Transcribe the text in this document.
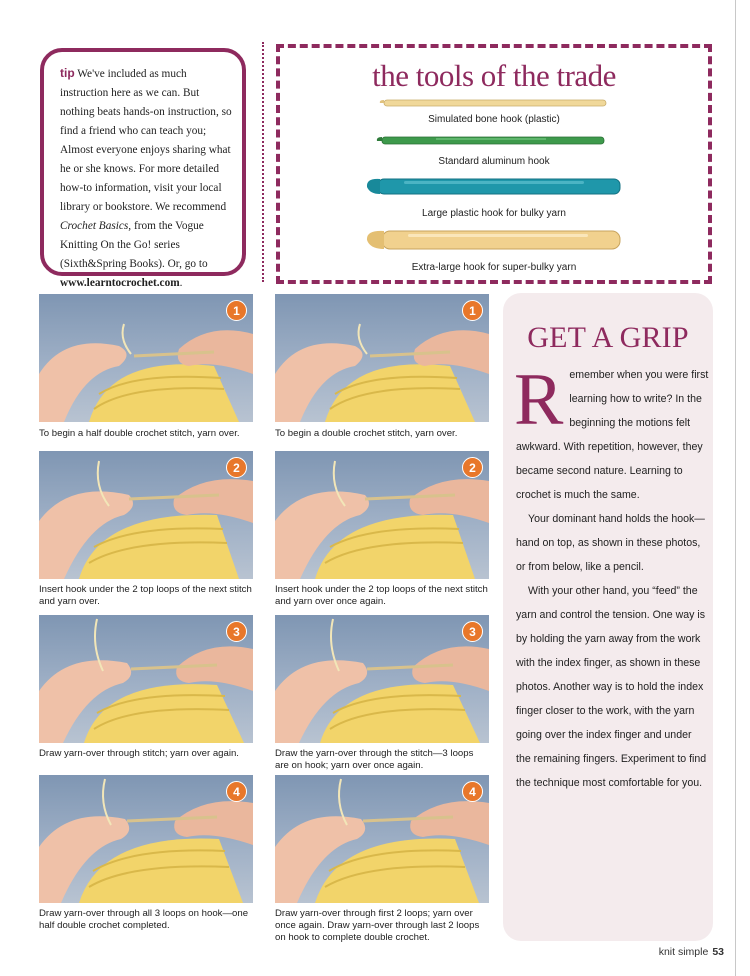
tip We've included as much instruction here as we can. But nothing beats hands-on instruction, so find a friend who can teach you; Almost everyone enjoys sharing what he or she knows. For more detailed how-to information, visit your local library or bookstore. We recommend Crochet Basics, from the Vogue Knitting On the Go! series (Sixth&Spring Books). Or, go to www.learntocrochet.com.
the tools of the trade
Simulated bone hook (plastic)
Standard aluminum hook
Large plastic hook for bulky yarn
Extra-large hook for super-bulky yarn
1
To begin a half double crochet stitch, yarn over.
2
Insert hook under the 2 top loops of the next stitch and yarn over.
3
Draw yarn-over through stitch; yarn over again.
4
Draw yarn-over through all 3 loops on hook—one half double crochet completed.
1
To begin a double crochet stitch, yarn over.
2
Insert hook under the 2 top loops of the next stitch and yarn over once again.
3
Draw the yarn-over through the stitch—3 loops are on hook; yarn over once again.
4
Draw yarn-over through first 2 loops; yarn over once again. Draw yarn-over through last 2 loops on hook to complete double crochet.
GET A GRIP

Remember when you were first learning how to write? In the beginning the motions felt awkward. With repetition, however, they became second nature. Learning to crochet is much the same.

Your dominant hand holds the hook—hand on top, as shown in these photos, or from below, like a pencil.

With your other hand, you “feed” the yarn and control the tension. One way is by holding the yarn away from the work with the index finger, as shown in these photos. Another way is to hold the index finger closer to the work, with the yarn going over the index finger and under the remaining fingers. Experiment to find the technique most comfortable for you.

knit simple 53
